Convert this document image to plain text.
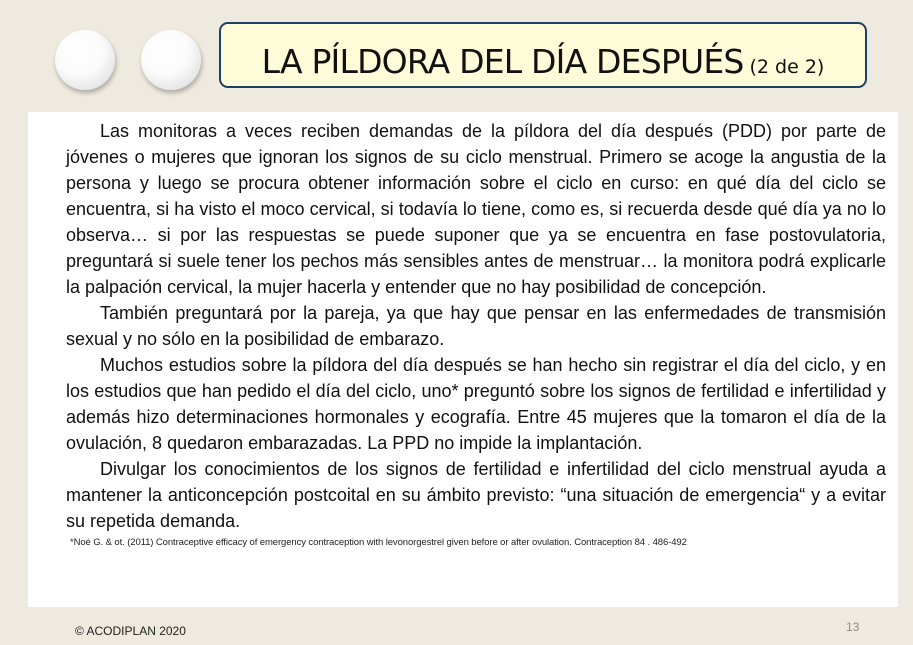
LA PÍLDORA DEL DÍA DESPUÉS (2 de 2)

Las monitoras a veces reciben demandas de la píldora del día después (PDD) por parte de jóvenes o mujeres que ignoran los signos de su ciclo menstrual. Primero se acoge la angustia de la persona y luego se procura obtener información sobre el ciclo en curso: en qué día del ciclo se encuentra, si ha visto el moco cervical, si todavía lo tiene, como es, si recuerda desde qué día ya no lo observa… si por las respuestas se puede suponer que ya se encuentra en fase postovulatoria, preguntará si suele tener los pechos más sensibles antes de menstruar… la monitora podrá explicarle la palpación cervical, la mujer hacerla y entender que no hay posibilidad de concepción.

También preguntará por la pareja, ya que hay que pensar en las enfermedades de transmisión sexual y no sólo en la posibilidad de embarazo.

Muchos estudios sobre la píldora del día después se han hecho sin registrar el día del ciclo, y en los estudios que han pedido el día del ciclo, uno* preguntó sobre los signos de fertilidad e infertilidad y además hizo determinaciones hormonales y ecografía. Entre 45 mujeres que la tomaron el día de la ovulación, 8 quedaron embarazadas. La PPD no impide la implantación.

Divulgar los conocimientos de los signos de fertilidad e infertilidad del ciclo menstrual ayuda a mantener la anticoncepción postcoital en su ámbito previsto: “una situación de emergencia“ y a evitar su repetida demanda.

*Noé G. & ot. (2011) Contraceptive efficacy of emergency contraception with levonorgestrel given before or after ovulation. Contraception 84 . 486-492
© ACODIPLAN 2020	13
